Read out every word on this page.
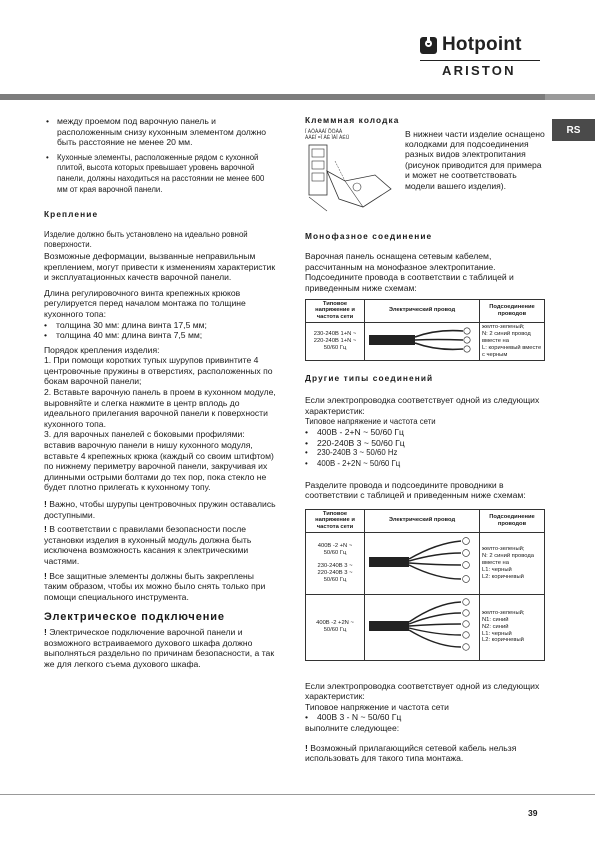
Hotpoint
ARISTON
RS

• между проемом под варочную панель и расположенным снизу кухонным элементом должно быть расстояние не менее 20 мм.

• Кухонные элементы, расположенные рядом с кухонной плитой, высота которых превышает уровень варочной панели, должны находиться на расстоянии не менее 600 мм от края варочной панели.

Крепление

Изделие должно быть установлено на идеально ровной поверхности.

Возможные деформации, вызванные неправильным креплением, могут привести к изменениям характеристик и эксплуатационных качеств варочной панели.

Длина регулировочного винта крепежных крюков регулируется перед началом монтажа по толщине кухонного топа:

• толщина 30 мм: длина винта 17,5 мм;

• толщина 40 мм: длина винта 7,5 мм;

Порядок крепления изделия:

1. При помощи коротких тупых шурупов привинтите 4 центровочные пружины в отверстиях, расположенных по бокам варочной панели;

2. Вставьте варочную панель в проем в кухонном модуле, выровняйте и слегка нажмите в центр вплодь до идеального прилегания варочной панели к поверхности кухонного топа.

3. для варочных панелей с боковыми профилями: вставив варочную панели в нишу кухонного модуля, вставьте 4 крепежных крюка (каждый со своим штифтом) по нижнему периметру варочной панели, закручивая их длинными острыми болтами до тех пор, пока стекло не будет плотно прилегать к кухонному топу.

! Важно, чтобы шурупы центровочных пружин оставались доступными.

! В соответствии с правилами безопасности после установки изделия в кухонный модуль должна быть исключена возможность касания к электрическими частями.

! Все защитные элементы должны быть закреплены таким образом, чтобы их можно было снять только при помощи специального инструмента.

Электрическое подключение

! Электрическое подключение варочной панели и возможного встраиваемого духового шкафа должно выполняться раздельно по причинам безопасности, а так же для легкого съема духового шкафа.

Клеммная колодка

Ï ÀÔÀÀÁÏ ÕÖÀÀ
ÀÀÈÏ =Ï ÀÈ ÏÀÏ ÀÉÜ	В нижнеи части изделие оснащено колодками для подсоединения разных видов электропитания (рисунок приводится для примера и может не соответствовать модели вашего изделия).

Монофазное соединение

Варочная панель оснащена сетевым кабелем, рассчитанным на монофазное электропитание. Подсоедините провода в соответствии с таблицей и приведенным ниже схемам:

Типовое напряжение и частота сети	Электрический провод	Подсоединение проводов
230-240В 1+N ~
220-240В 1+N ~
50/60 Гц		желто-зеленый;
N: 2 синий провод вместе на
L: коричневый вместе с черным

Другие типы соединений

Если электропроводка соответствует одной из следующих характеристик:

Типовое напряжение и частота сети

• 400В - 2+N ~ 50/60 Гц

• 220-240В 3 ~ 50/60 Гц

• 230-240В 3 ~ 50/60 Hz

• 400В - 2+2N ~ 50/60 Гц

Разделите провода и подсоедините проводники в соответствии с таблицей и приведенным ниже схемам:

Типовое напряжение и частота сети	Электрический провод	Подсоединение проводов
400В -2 +N ~
50/60 Гц

230-240В 3 ~
220-240В 3 ~
50/60 Гц		желто-зеленый;
N: 2 синий провода
вместе на
L1: черный
L2: коричневый
400В -2 +2N ~
50/60 Гц		желто-зеленый;
N1: синий
N2: синий
L1: черный
L2: коричневый

Если электропроводка соответствует одной из следующих характеристик:

Типовое напряжение и частота сети

• 400В 3 - N ~ 50/60 Гц

выполните следующее:

! Возможный прилагающийся сетевой кабель нельзя использовать для такого типа монтажа.

39
